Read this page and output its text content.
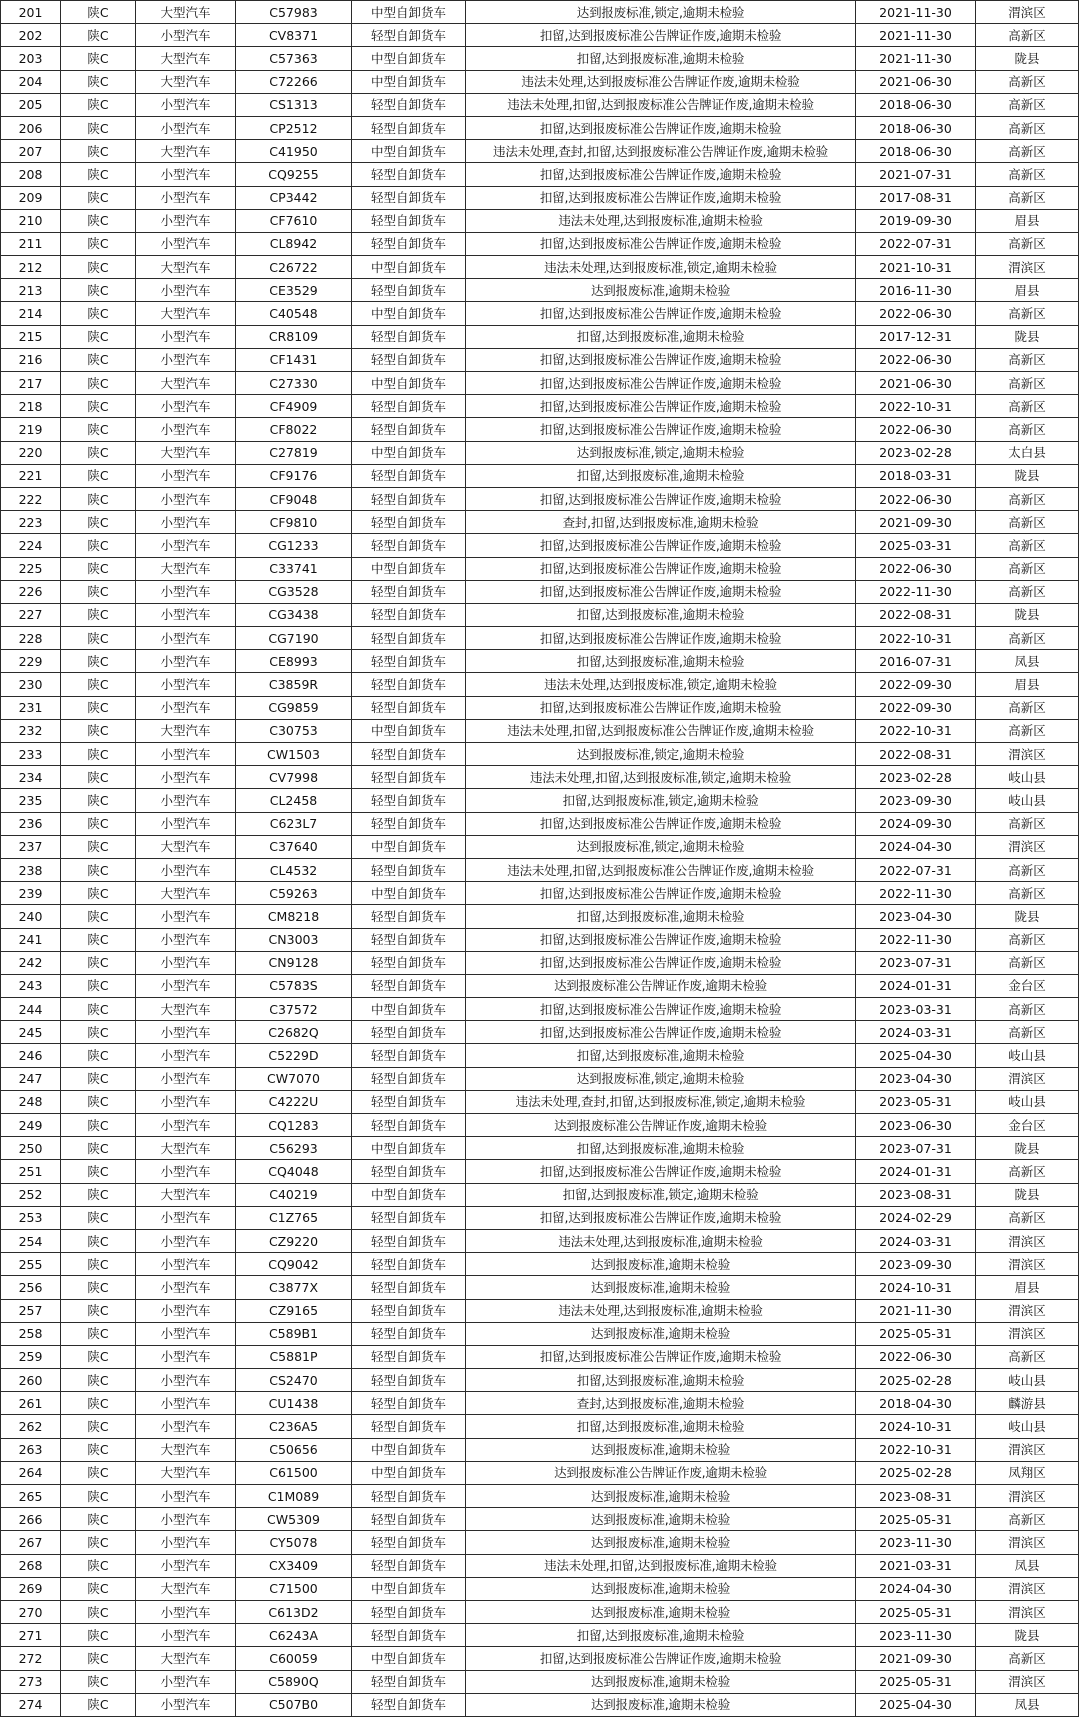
201	陕C	大型汽车	C57983	中型自卸货车	达到报废标准,锁定,逾期未检验	2021-11-30	渭滨区
202	陕C	小型汽车	CV8371	轻型自卸货车	扣留,达到报废标准公告牌证作废,逾期未检验	2021-11-30	高新区
203	陕C	大型汽车	C57363	中型自卸货车	扣留,达到报废标准,逾期未检验	2021-11-30	陇县
204	陕C	大型汽车	C72266	中型自卸货车	违法未处理,达到报废标准公告牌证作废,逾期未检验	2021-06-30	高新区
205	陕C	小型汽车	CS1313	轻型自卸货车	违法未处理,扣留,达到报废标准公告牌证作废,逾期未检验	2018-06-30	高新区
206	陕C	小型汽车	CP2512	轻型自卸货车	扣留,达到报废标准公告牌证作废,逾期未检验	2018-06-30	高新区
207	陕C	大型汽车	C41950	中型自卸货车	违法未处理,查封,扣留,达到报废标准公告牌证作废,逾期未检验	2018-06-30	高新区
208	陕C	小型汽车	CQ9255	轻型自卸货车	扣留,达到报废标准公告牌证作废,逾期未检验	2021-07-31	高新区
209	陕C	小型汽车	CP3442	轻型自卸货车	扣留,达到报废标准公告牌证作废,逾期未检验	2017-08-31	高新区
210	陕C	小型汽车	CF7610	轻型自卸货车	违法未处理,达到报废标准,逾期未检验	2019-09-30	眉县
211	陕C	小型汽车	CL8942	轻型自卸货车	扣留,达到报废标准公告牌证作废,逾期未检验	2022-07-31	高新区
212	陕C	大型汽车	C26722	中型自卸货车	违法未处理,达到报废标准,锁定,逾期未检验	2021-10-31	渭滨区
213	陕C	小型汽车	CE3529	轻型自卸货车	达到报废标准,逾期未检验	2016-11-30	眉县
214	陕C	大型汽车	C40548	中型自卸货车	扣留,达到报废标准公告牌证作废,逾期未检验	2022-06-30	高新区
215	陕C	小型汽车	CR8109	轻型自卸货车	扣留,达到报废标准,逾期未检验	2017-12-31	陇县
216	陕C	小型汽车	CF1431	轻型自卸货车	扣留,达到报废标准公告牌证作废,逾期未检验	2022-06-30	高新区
217	陕C	大型汽车	C27330	中型自卸货车	扣留,达到报废标准公告牌证作废,逾期未检验	2021-06-30	高新区
218	陕C	小型汽车	CF4909	轻型自卸货车	扣留,达到报废标准公告牌证作废,逾期未检验	2022-10-31	高新区
219	陕C	小型汽车	CF8022	轻型自卸货车	扣留,达到报废标准公告牌证作废,逾期未检验	2022-06-30	高新区
220	陕C	大型汽车	C27819	中型自卸货车	达到报废标准,锁定,逾期未检验	2023-02-28	太白县
221	陕C	小型汽车	CF9176	轻型自卸货车	扣留,达到报废标准,逾期未检验	2018-03-31	陇县
222	陕C	小型汽车	CF9048	轻型自卸货车	扣留,达到报废标准公告牌证作废,逾期未检验	2022-06-30	高新区
223	陕C	小型汽车	CF9810	轻型自卸货车	查封,扣留,达到报废标准,逾期未检验	2021-09-30	高新区
224	陕C	小型汽车	CG1233	轻型自卸货车	扣留,达到报废标准公告牌证作废,逾期未检验	2025-03-31	高新区
225	陕C	大型汽车	C33741	中型自卸货车	扣留,达到报废标准公告牌证作废,逾期未检验	2022-06-30	高新区
226	陕C	小型汽车	CG3528	轻型自卸货车	扣留,达到报废标准公告牌证作废,逾期未检验	2022-11-30	高新区
227	陕C	小型汽车	CG3438	轻型自卸货车	扣留,达到报废标准,逾期未检验	2022-08-31	陇县
228	陕C	小型汽车	CG7190	轻型自卸货车	扣留,达到报废标准公告牌证作废,逾期未检验	2022-10-31	高新区
229	陕C	小型汽车	CE8993	轻型自卸货车	扣留,达到报废标准,逾期未检验	2016-07-31	凤县
230	陕C	小型汽车	C3859R	轻型自卸货车	违法未处理,达到报废标准,锁定,逾期未检验	2022-09-30	眉县
231	陕C	小型汽车	CG9859	轻型自卸货车	扣留,达到报废标准公告牌证作废,逾期未检验	2022-09-30	高新区
232	陕C	大型汽车	C30753	中型自卸货车	违法未处理,扣留,达到报废标准公告牌证作废,逾期未检验	2022-10-31	高新区
233	陕C	小型汽车	CW1503	轻型自卸货车	达到报废标准,锁定,逾期未检验	2022-08-31	渭滨区
234	陕C	小型汽车	CV7998	轻型自卸货车	违法未处理,扣留,达到报废标准,锁定,逾期未检验	2023-02-28	岐山县
235	陕C	小型汽车	CL2458	轻型自卸货车	扣留,达到报废标准,锁定,逾期未检验	2023-09-30	岐山县
236	陕C	小型汽车	C623L7	轻型自卸货车	扣留,达到报废标准公告牌证作废,逾期未检验	2024-09-30	高新区
237	陕C	大型汽车	C37640	中型自卸货车	达到报废标准,锁定,逾期未检验	2024-04-30	渭滨区
238	陕C	小型汽车	CL4532	轻型自卸货车	违法未处理,扣留,达到报废标准公告牌证作废,逾期未检验	2022-07-31	高新区
239	陕C	大型汽车	C59263	中型自卸货车	扣留,达到报废标准公告牌证作废,逾期未检验	2022-11-30	高新区
240	陕C	小型汽车	CM8218	轻型自卸货车	扣留,达到报废标准,逾期未检验	2023-04-30	陇县
241	陕C	小型汽车	CN3003	轻型自卸货车	扣留,达到报废标准公告牌证作废,逾期未检验	2022-11-30	高新区
242	陕C	小型汽车	CN9128	轻型自卸货车	扣留,达到报废标准公告牌证作废,逾期未检验	2023-07-31	高新区
243	陕C	小型汽车	C5783S	轻型自卸货车	达到报废标准公告牌证作废,逾期未检验	2024-01-31	金台区
244	陕C	大型汽车	C37572	中型自卸货车	扣留,达到报废标准公告牌证作废,逾期未检验	2023-03-31	高新区
245	陕C	小型汽车	C2682Q	轻型自卸货车	扣留,达到报废标准公告牌证作废,逾期未检验	2024-03-31	高新区
246	陕C	小型汽车	C5229D	轻型自卸货车	扣留,达到报废标准,逾期未检验	2025-04-30	岐山县
247	陕C	小型汽车	CW7070	轻型自卸货车	达到报废标准,锁定,逾期未检验	2023-04-30	渭滨区
248	陕C	小型汽车	C4222U	轻型自卸货车	违法未处理,查封,扣留,达到报废标准,锁定,逾期未检验	2023-05-31	岐山县
249	陕C	小型汽车	CQ1283	轻型自卸货车	达到报废标准公告牌证作废,逾期未检验	2023-06-30	金台区
250	陕C	大型汽车	C56293	中型自卸货车	扣留,达到报废标准,逾期未检验	2023-07-31	陇县
251	陕C	小型汽车	CQ4048	轻型自卸货车	扣留,达到报废标准公告牌证作废,逾期未检验	2024-01-31	高新区
252	陕C	大型汽车	C40219	中型自卸货车	扣留,达到报废标准,锁定,逾期未检验	2023-08-31	陇县
253	陕C	小型汽车	C1Z765	轻型自卸货车	扣留,达到报废标准公告牌证作废,逾期未检验	2024-02-29	高新区
254	陕C	小型汽车	CZ9220	轻型自卸货车	违法未处理,达到报废标准,逾期未检验	2024-03-31	渭滨区
255	陕C	小型汽车	CQ9042	轻型自卸货车	达到报废标准,逾期未检验	2023-09-30	渭滨区
256	陕C	小型汽车	C3877X	轻型自卸货车	达到报废标准,逾期未检验	2024-10-31	眉县
257	陕C	小型汽车	CZ9165	轻型自卸货车	违法未处理,达到报废标准,逾期未检验	2021-11-30	渭滨区
258	陕C	小型汽车	C589B1	轻型自卸货车	达到报废标准,逾期未检验	2025-05-31	渭滨区
259	陕C	小型汽车	C5881P	轻型自卸货车	扣留,达到报废标准公告牌证作废,逾期未检验	2022-06-30	高新区
260	陕C	小型汽车	CS2470	轻型自卸货车	扣留,达到报废标准,逾期未检验	2025-02-28	岐山县
261	陕C	小型汽车	CU1438	轻型自卸货车	查封,达到报废标准,逾期未检验	2018-04-30	麟游县
262	陕C	小型汽车	C236A5	轻型自卸货车	扣留,达到报废标准,逾期未检验	2024-10-31	岐山县
263	陕C	大型汽车	C50656	中型自卸货车	达到报废标准,逾期未检验	2022-10-31	渭滨区
264	陕C	大型汽车	C61500	中型自卸货车	达到报废标准公告牌证作废,逾期未检验	2025-02-28	凤翔区
265	陕C	小型汽车	C1M089	轻型自卸货车	达到报废标准,逾期未检验	2023-08-31	渭滨区
266	陕C	小型汽车	CW5309	轻型自卸货车	达到报废标准,逾期未检验	2025-05-31	高新区
267	陕C	小型汽车	CY5078	轻型自卸货车	达到报废标准,逾期未检验	2023-11-30	渭滨区
268	陕C	小型汽车	CX3409	轻型自卸货车	违法未处理,扣留,达到报废标准,逾期未检验	2021-03-31	凤县
269	陕C	大型汽车	C71500	中型自卸货车	达到报废标准,逾期未检验	2024-04-30	渭滨区
270	陕C	小型汽车	C613D2	轻型自卸货车	达到报废标准,逾期未检验	2025-05-31	渭滨区
271	陕C	小型汽车	C6243A	轻型自卸货车	扣留,达到报废标准,逾期未检验	2023-11-30	陇县
272	陕C	大型汽车	C60059	中型自卸货车	扣留,达到报废标准公告牌证作废,逾期未检验	2021-09-30	高新区
273	陕C	小型汽车	C5890Q	轻型自卸货车	达到报废标准,逾期未检验	2025-05-31	渭滨区
274	陕C	小型汽车	C507B0	轻型自卸货车	达到报废标准,逾期未检验	2025-04-30	凤县
